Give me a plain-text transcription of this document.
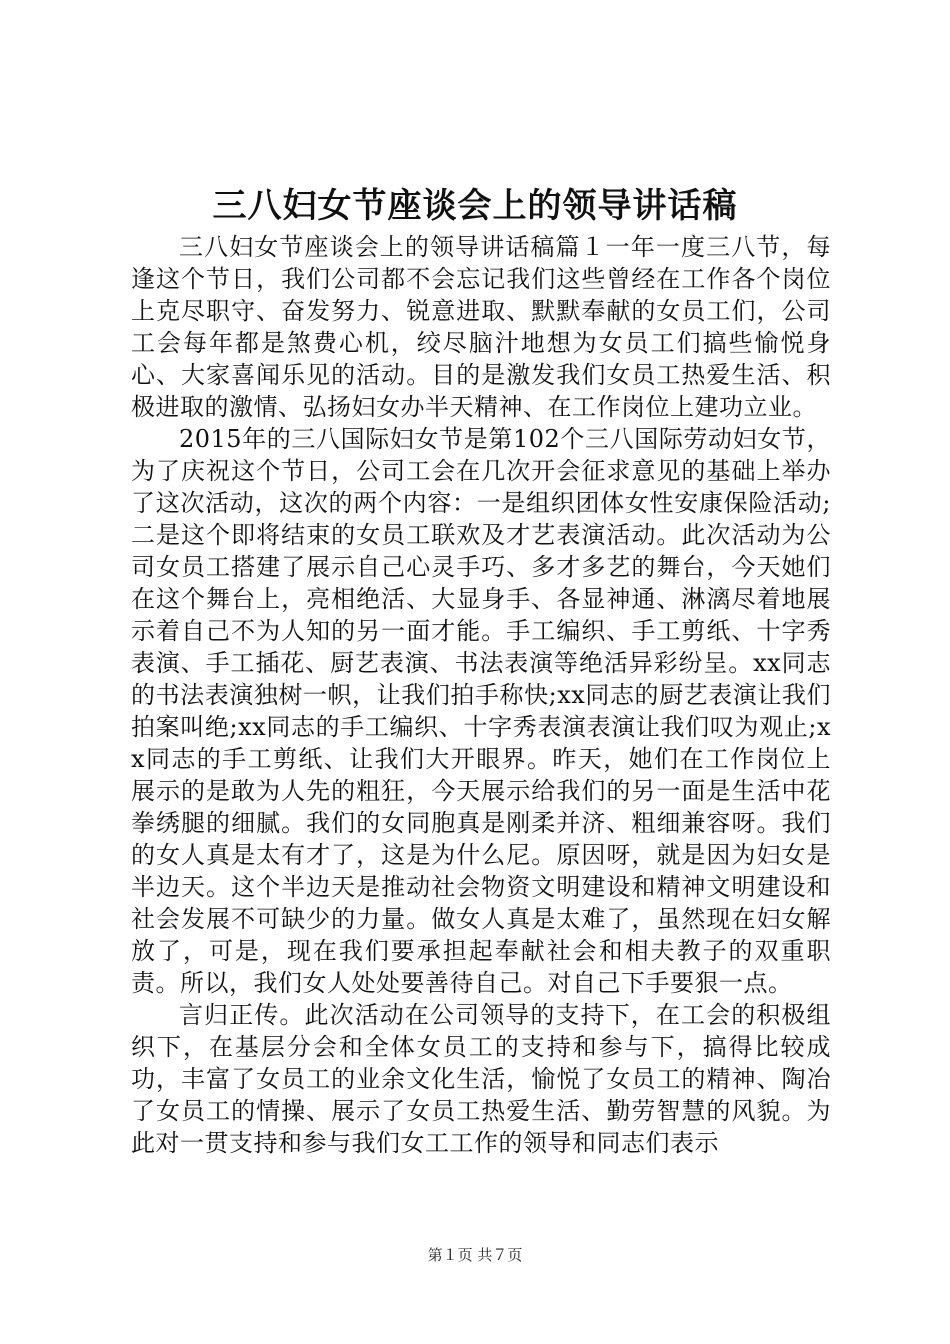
三八妇女节座谈会上的领导讲话稿

三八妇女节座谈会上的领导讲话稿篇１一年一度三八节，每逢这个节日，我们公司都不会忘记我们这些曾经在工作各个岗位上克尽职守、奋发努力、锐意进取、默默奉献的女员工们，公司工会每年都是煞费心机，绞尽脑汁地想为女员工们搞些愉悦身心、大家喜闻乐见的活动。目的是激发我们女员工热爱生活、积极进取的激情、弘扬妇女办半天精神、在工作岗位上建功立业。

2015年的三八国际妇女节是第102个三八国际劳动妇女节，为了庆祝这个节日，公司工会在几次开会征求意见的基础上举办了这次活动，这次的两个内容：一是组织团体女性安康保险活动;二是这个即将结束的女员工联欢及才艺表演活动。此次活动为公司女员工搭建了展示自己心灵手巧、多才多艺的舞台，今天她们在这个舞台上，亮相绝活、大显身手、各显神通、淋漓尽着地展示着自己不为人知的另一面才能。手工编织、手工剪纸、十字秀表演、手工插花、厨艺表演、书法表演等绝活异彩纷呈。xx同志的书法表演独树一帜，让我们拍手称快;xx同志的厨艺表演让我们拍案叫绝;xx同志的手工编织、十字秀表演表演让我们叹为观止;xx同志的手工剪纸、让我们大开眼界。昨天，她们在工作岗位上展示的是敢为人先的粗狂，今天展示给我们的另一面是生活中花拳绣腿的细腻。我们的女同胞真是刚柔并济、粗细兼容呀。我们的女人真是太有才了，这是为什么尼。原因呀，就是因为妇女是半边天。这个半边天是推动社会物资文明建设和精神文明建设和社会发展不可缺少的力量。做女人真是太难了，虽然现在妇女解放了，可是，现在我们要承担起奉献社会和相夫教子的双重职责。所以，我们女人处处要善待自己。对自己下手要狠一点。

言归正传。此次活动在公司领导的支持下，在工会的积极组织下，在基层分会和全体女员工的支持和参与下，搞得比较成功，丰富了女员工的业余文化生活，愉悦了女员工的精神、陶冶了女员工的情操、展示了女员工热爱生活、勤劳智慧的风貌。为此对一贯支持和参与我们女工工作的领导和同志们表示

第１页 共７页
